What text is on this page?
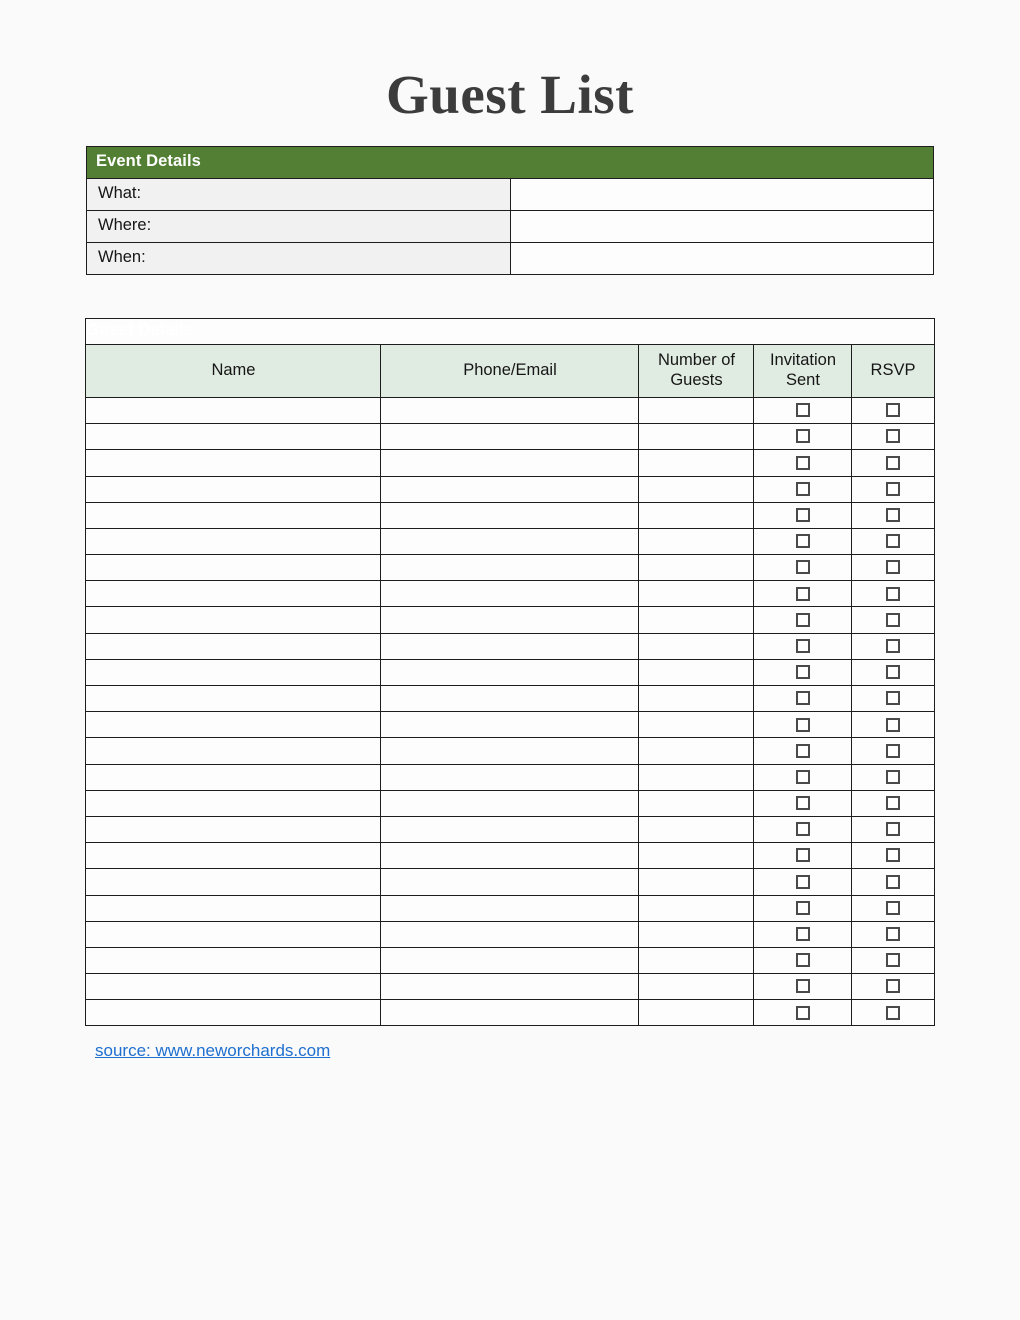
Guest List
Event Details	
What:	
Where:	
When:	
Guest Details				
Name	Phone/Email	Number of Guests	Invitation Sent	RSVP

source: www.neworchards.com
